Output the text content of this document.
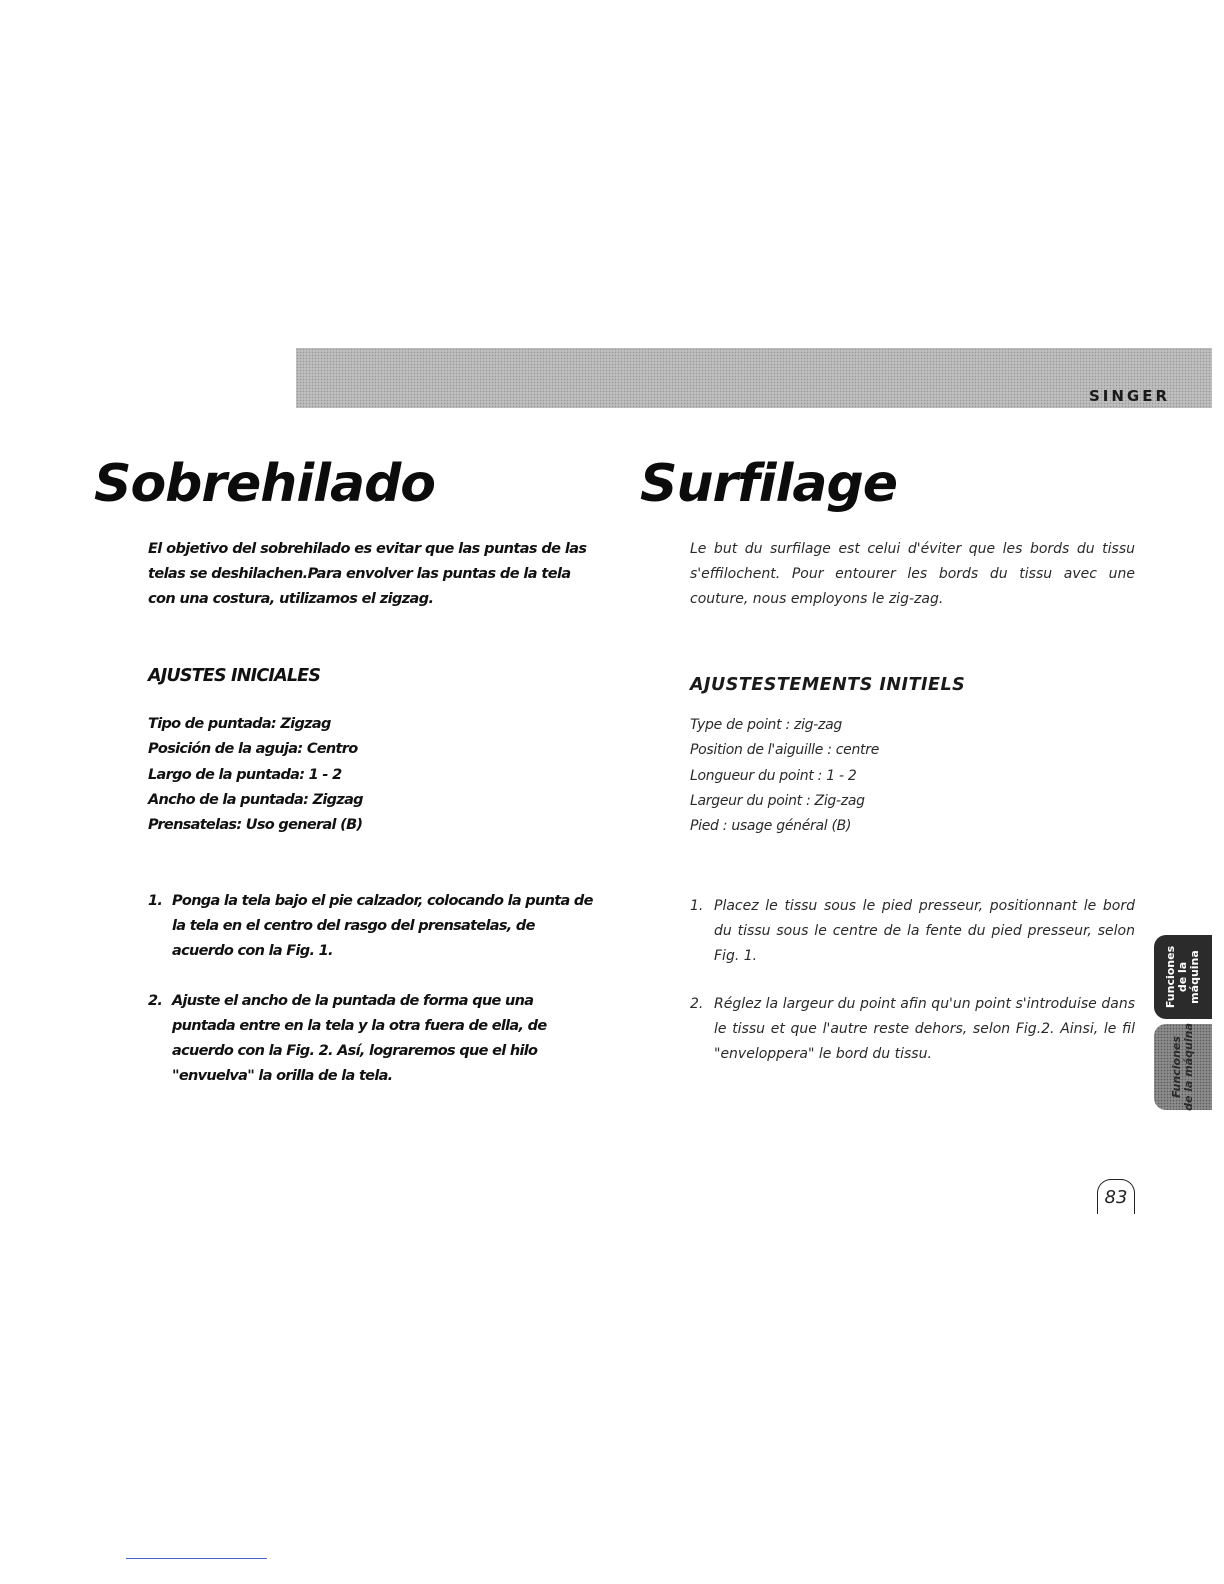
SINGER
Sobrehilado	Surfilage

El objetivo del sobrehilado es evitar que las puntas de las telas se deshilachen.Para envolver las puntas de la tela con una costura, utilizamos el zigzag.

Le but du surfilage est celui d'éviter que les bords du tissu s'effilochent. Pour entourer les bords du tissu avec une couture, nous employons le zig-zag.

AJUSTES INICIALES	AJUSTESTEMENTS INITIELS
Tipo de puntada: Zigzag
Posición de la aguja: Centro
Largo de la puntada: 1 - 2
Ancho de la puntada: Zigzag
Prensatelas: Uso general (B)
Type de point : zig-zag
Position de l'aiguille : centre
Longueur du point : 1 - 2
Largeur du point : Zig-zag
Pied : usage général (B)
1. Ponga la tela bajo el pie calzador, colocando la punta de la tela en el centro del rasgo del prensatelas, de acuerdo con la Fig. 1.
2. Ajuste el ancho de la puntada de forma que una puntada entre en la tela y la otra fuera de ella, de acuerdo con la Fig. 2. Así, lograremos que el hilo "envuelva" la orilla de la tela.
1. Placez le tissu sous le pied presseur, positionnant le bord du tissu sous le centre de la fente du pied presseur, selon Fig. 1.
2. Réglez la largeur du point afin qu'un point s'introduise dans le tissu et que l'autre reste dehors, selon Fig.2. Ainsi, le fil "enveloppera" le bord du tissu.
Funciones
de la
máquina
Funciones
de la máquina
83
